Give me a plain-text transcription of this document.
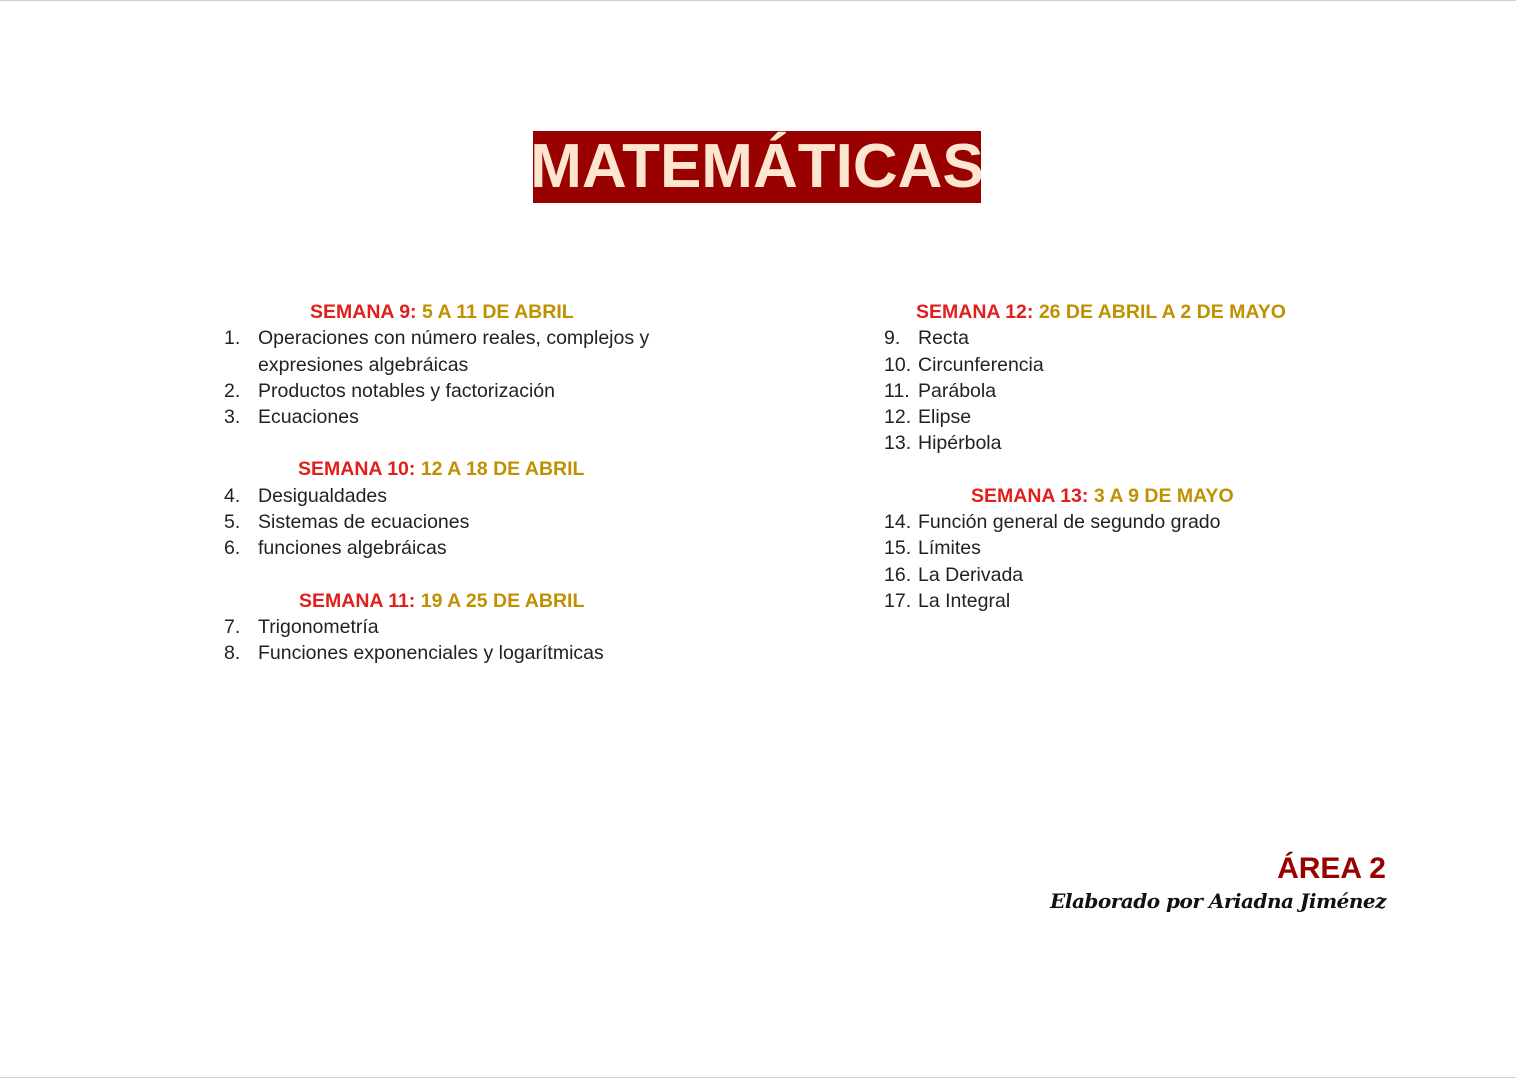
MATEMÁTICAS
SEMANA 9: 5 A 11 DE ABRIL
1. Operaciones con número reales, complejos y expresiones algebráicas
2. Productos notables y factorización
3. Ecuaciones
SEMANA 10: 12 A 18 DE ABRIL
4. Desigualdades
5. Sistemas de ecuaciones
6. funciones algebráicas
SEMANA 11: 19 A 25 DE ABRIL
7. Trigonometría
8. Funciones exponenciales y logarítmicas
SEMANA 12: 26 DE ABRIL A 2 DE MAYO
9. Recta
10. Circunferencia
11. Parábola
12. Elipse
13. Hipérbola
SEMANA 13: 3 A 9 DE MAYO
14. Función general de segundo grado
15. Límites
16. La Derivada
17. La Integral
ÁREA 2
Elaborado por Ariadna Jiménez
